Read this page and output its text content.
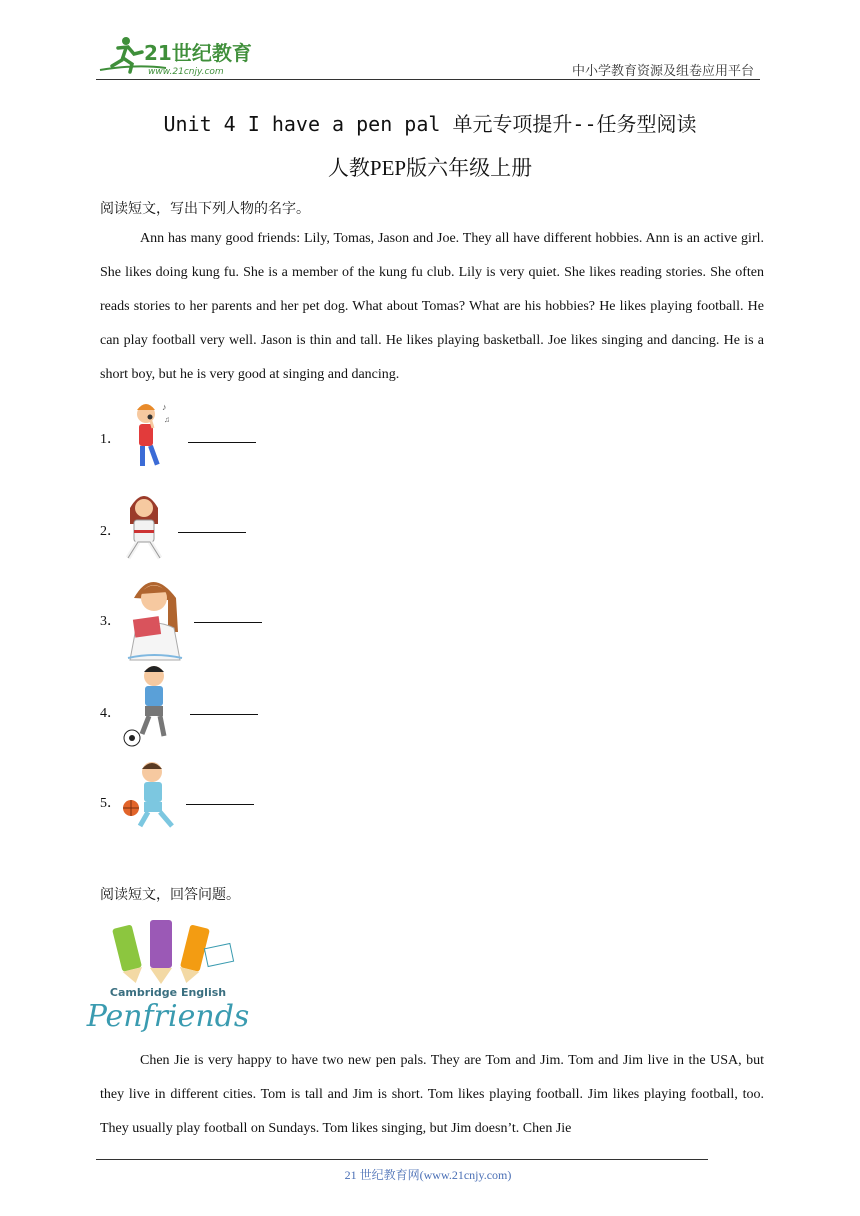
21世纪教育
www.21cnjy.com	中小学教育资源及组卷应用平台
Unit 4 I have a pen pal 单元专项提升--任务型阅读
人教PEP版六年级上册
阅读短文，写出下列人物的名字。
Ann has many good friends: Lily, Tomas, Jason and Joe. They all have different hobbies. Ann is an active girl. She likes doing kung fu. She is a member of the kung fu club. Lily is very quiet. She likes reading stories. She often reads stories to her parents and her pet dog. What about Tomas? What are his hobbies? He likes playing football. He can play football very well. Jason is thin and tall. He likes playing basketball. Joe likes singing and dancing. He is a short boy, but he is very good at singing and dancing.
1．
♪
♫
2．
3．
4．
5．
阅读短文，回答问题。
Cambridge English
Penfriends
Chen Jie is very happy to have two new pen pals. They are Tom and Jim. Tom and Jim live in the USA, but they live in different cities. Tom is tall and Jim is short. Tom likes playing football. Jim likes playing football, too. They usually play football on Sundays. Tom likes singing, but Jim doesn’t. Chen Jie
21 世纪教育网(www.21cnjy.com)
